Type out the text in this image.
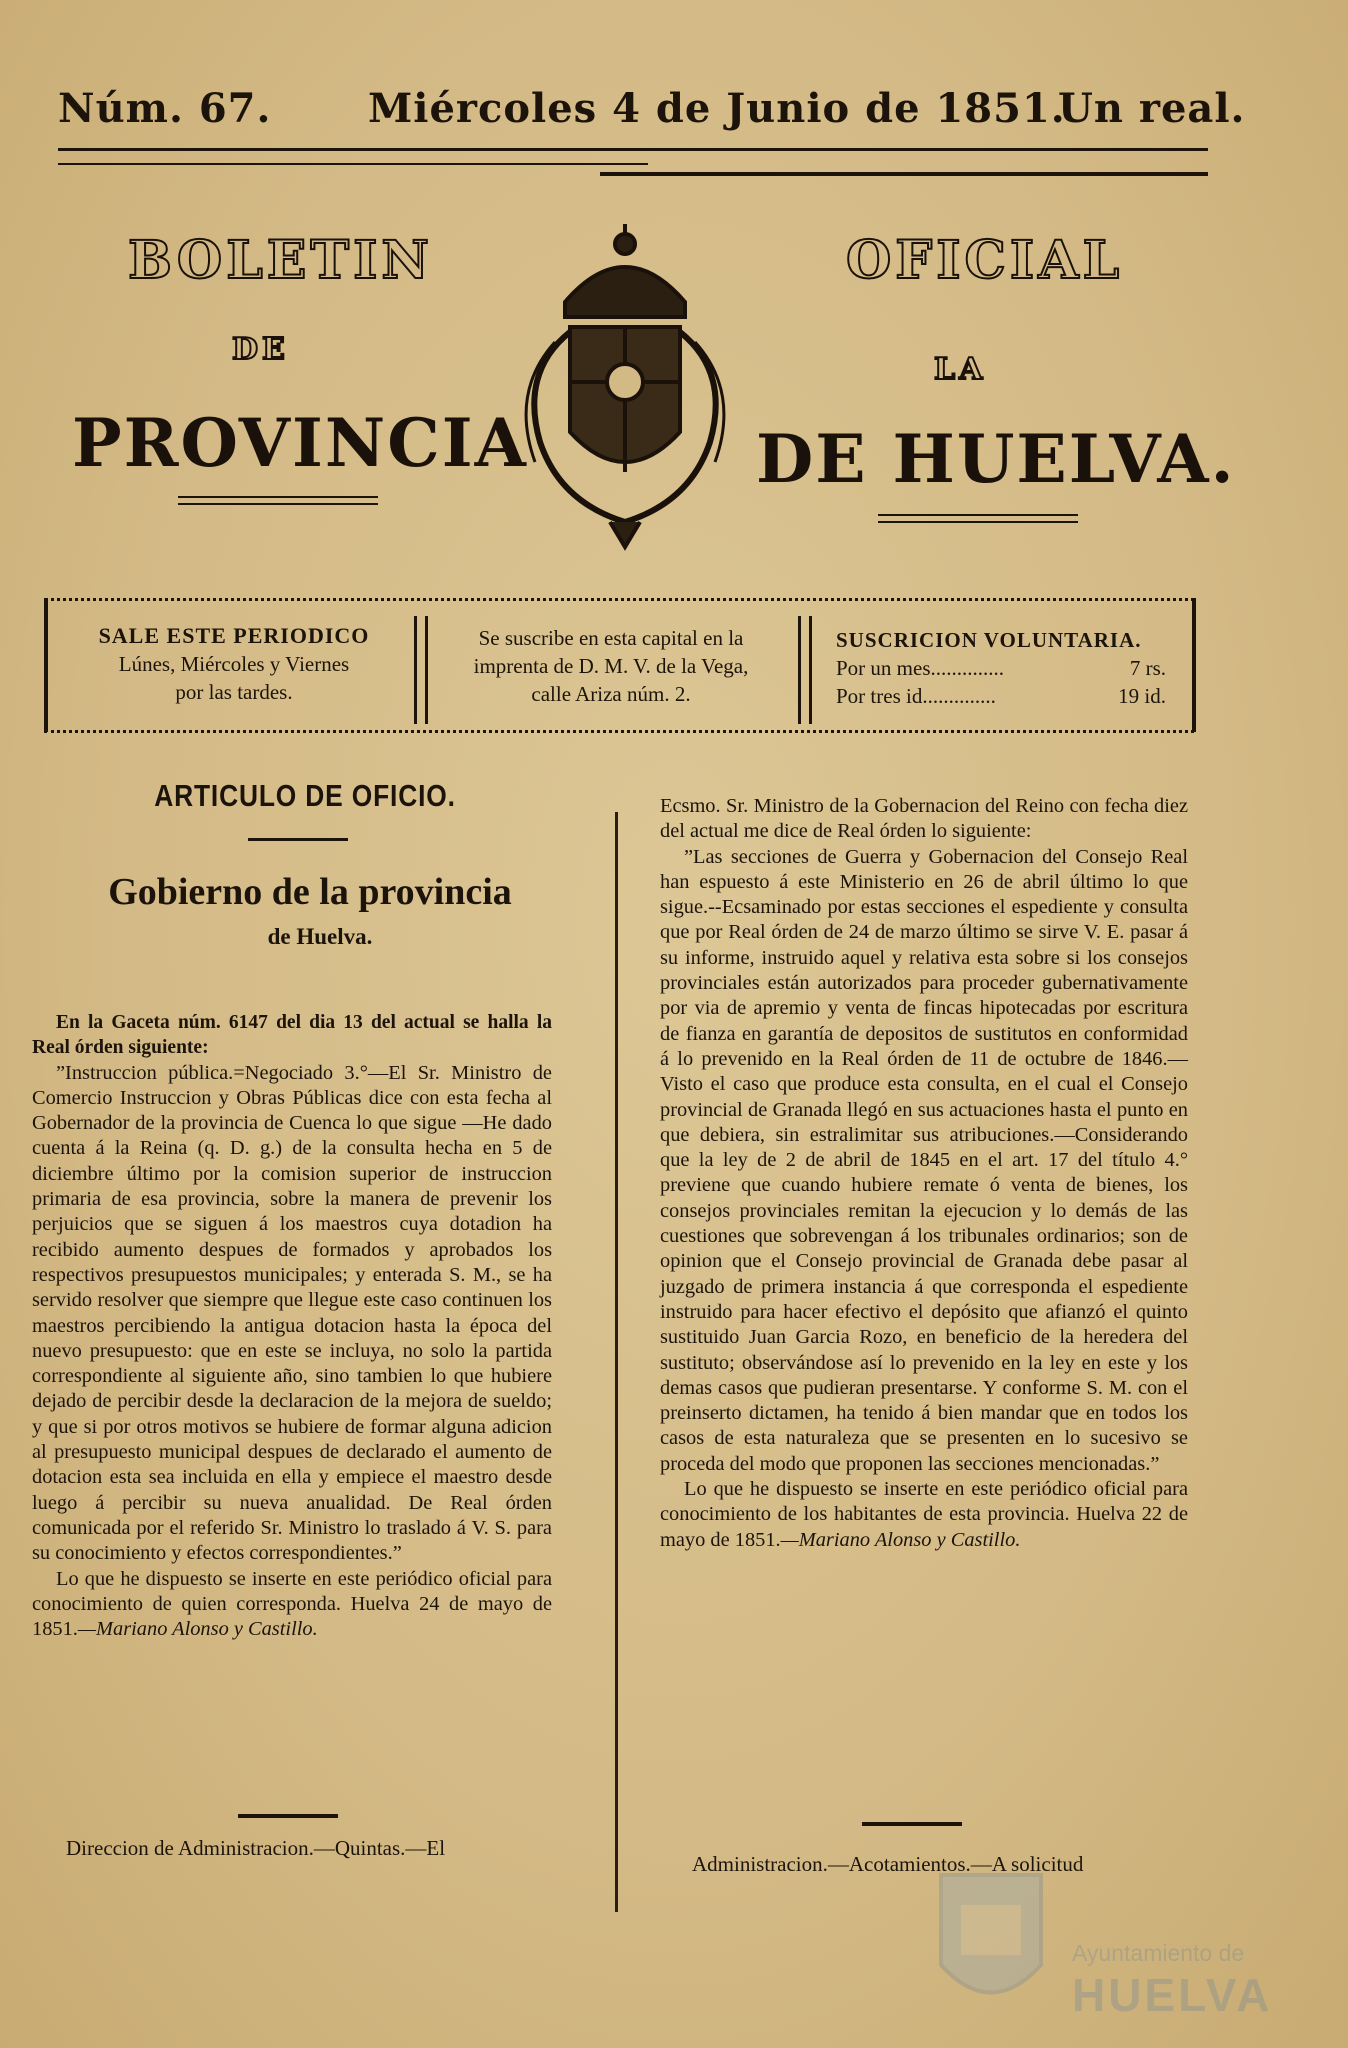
Núm. 67. Miércoles 4 de Junio de 1851.
Un real.
BOLETIN	OFICIAL
DE
LA
PROVINCIA	DE HUELVA.
SALE ESTE PERIODICO
Lúnes, Miércoles y Viernes
por las tardes.
Se suscribe en esta capital en la
imprenta de D. M. V. de la Vega,
calle Ariza núm. 2.
SUSCRICION VOLUNTARIA.
Por un mes..............	7 rs.
Por tres id..............	19 id.
ARTICULO DE OFICIO.
Gobierno de la provincia
de Huelva.

En la Gaceta núm. 6147 del dia 13 del actual se halla la Real órden siguiente:

”Instruccion pública.=Negociado 3.°—El Sr. Ministro de Comercio Instruccion y Obras Públicas dice con esta fecha al Gobernador de la provincia de Cuenca lo que sigue —He dado cuenta á la Reina (q. D. g.) de la consulta hecha en 5 de diciembre último por la comision superior de instruccion primaria de esa provincia, sobre la manera de prevenir los perjuicios que se siguen á los maestros cuya dotadion ha recibido aumento despues de formados y aprobados los respectivos presupuestos municipales; y enterada S. M., se ha servido resolver que siempre que llegue este caso continuen los maestros percibiendo la antigua dotacion hasta la época del nuevo presupuesto: que en este se incluya, no solo la partida correspondiente al siguiente año, sino tambien lo que hubiere dejado de percibir desde la declaracion de la mejora de sueldo; y que si por otros motivos se hubiere de formar alguna adicion al presupuesto municipal despues de declarado el aumento de dotacion esta sea incluida en ella y empiece el maestro desde luego á percibir su nueva anualidad. De Real órden comunicada por el referido Sr. Ministro lo traslado á V. S. para su conocimiento y efectos correspondientes.”

Lo que he dispuesto se inserte en este periódico oficial para conocimiento de quien corresponda. Huelva 24 de mayo de 1851.—Mariano Alonso y Castillo.

Direccion de Administracion.—Quintas.—El

Ecsmo. Sr. Ministro de la Gobernacion del Reino con fecha diez del actual me dice de Real órden lo siguiente:

”Las secciones de Guerra y Gobernacion del Consejo Real han espuesto á este Ministerio en 26 de abril último lo que sigue.--Ecsaminado por estas secciones el espediente y consulta que por Real órden de 24 de marzo último se sirve V. E. pasar á su informe, instruido aquel y relativa esta sobre si los consejos provinciales están autorizados para proceder gubernativamente por via de apremio y venta de fincas hipotecadas por escritura de fianza en garantía de depositos de sustitutos en conformidad á lo prevenido en la Real órden de 11 de octubre de 1846.—Visto el caso que produce esta consulta, en el cual el Consejo provincial de Granada llegó en sus actuaciones hasta el punto en que debiera, sin estralimitar sus atribuciones.—Considerando que la ley de 2 de abril de 1845 en el art. 17 del título 4.° previene que cuando hubiere remate ó venta de bienes, los consejos provinciales remitan la ejecucion y lo demás de las cuestiones que sobrevengan á los tribunales ordinarios; son de opinion que el Consejo provincial de Granada debe pasar al juzgado de primera instancia á que corresponda el espediente instruido para hacer efectivo el depósito que afianzó el quinto sustituido Juan Garcia Rozo, en beneficio de la heredera del sustituto; observándose así lo prevenido en la ley en este y los demas casos que pudieran presentarse. Y conforme S. M. con el preinserto dictamen, ha tenido á bien mandar que en todos los casos de esta naturaleza que se presenten en lo sucesivo se proceda del modo que proponen las secciones mencionadas.”

Lo que he dispuesto se inserte en este periódico oficial para conocimiento de los habitantes de esta provincia. Huelva 22 de mayo de 1851.—Mariano Alonso y Castillo.

Administracion.—Acotamientos.—A solicitud
Ayuntamiento de
HUELVA
